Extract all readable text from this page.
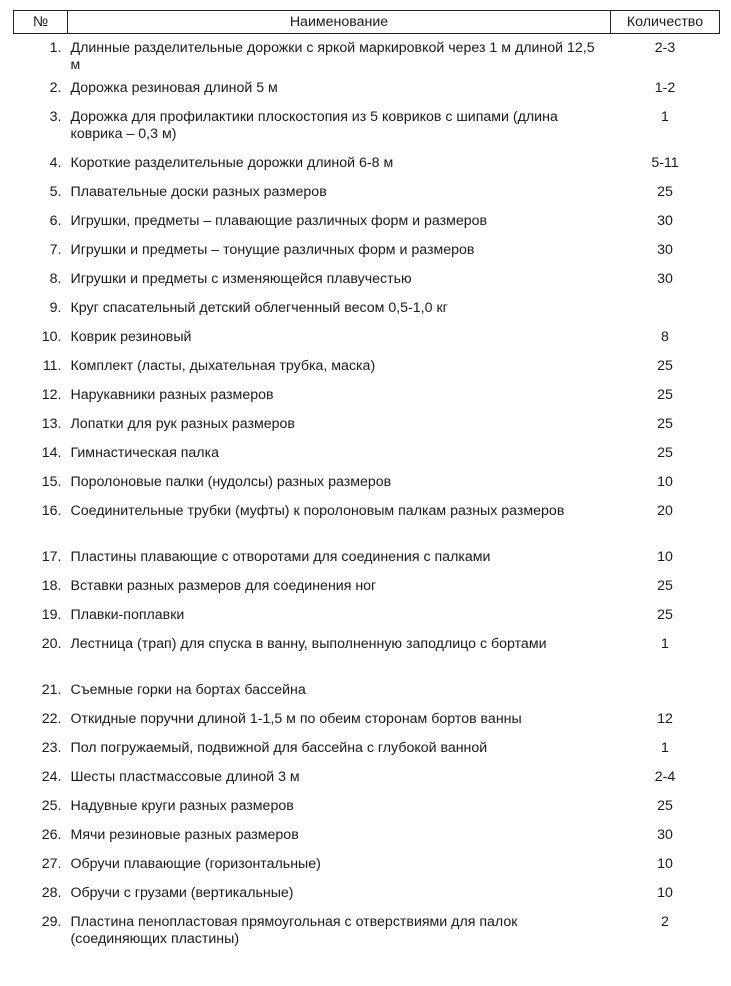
№	Наименование	Количество
1.	Длинные разделительные дорожки с яркой маркировкой через 1 м длиной 12,5 м	2-3
2.	Дорожка резиновая длиной 5 м	1-2
3.	Дорожка для профилактики плоскостопия из 5 ковриков с шипами (длина коврика – 0,3 м)	1
4.	Короткие разделительные дорожки длиной 6-8 м	5-11
5.	Плавательные доски разных размеров	25
6.	Игрушки, предметы – плавающие различных форм и размеров	30
7.	Игрушки и предметы – тонущие различных форм и размеров	30
8.	Игрушки и предметы с изменяющейся плавучестью	30
9.	Круг спасательный детский облегченный весом 0,5-1,0 кг	
10.	Коврик резиновый	8
11.	Комплект (ласты, дыхательная трубка, маска)	25
12.	Нарукавники разных размеров	25
13.	Лопатки для рук разных размеров	25
14.	Гимнастическая палка	25
15.	Поролоновые палки (нудолсы) разных размеров	10
16.	Соединительные трубки (муфты) к поролоновым палкам разных размеров	20
17.	Пластины плавающие с отворотами для соединения с палками	10
18.	Вставки разных размеров для соединения ног	25
19.	Плавки-поплавки	25
20.	Лестница (трап) для спуска в ванну, выполненную заподлицо с бортами	1
21.	Съемные горки на бортах бассейна	
22.	Откидные поручни длиной 1-1,5 м по обеим сторонам бортов ванны	12
23.	Пол погружаемый, подвижной для бассейна с глубокой ванной	1
24.	Шесты пластмассовые длиной 3 м	2-4
25.	Надувные круги разных размеров	25
26.	Мячи резиновые разных размеров	30
27.	Обручи плавающие (горизонтальные)	10
28.	Обручи с грузами (вертикальные)	10
29.	Пластина пенопластовая прямоугольная с отверствиями для палок (соединяющих пластины)	2
